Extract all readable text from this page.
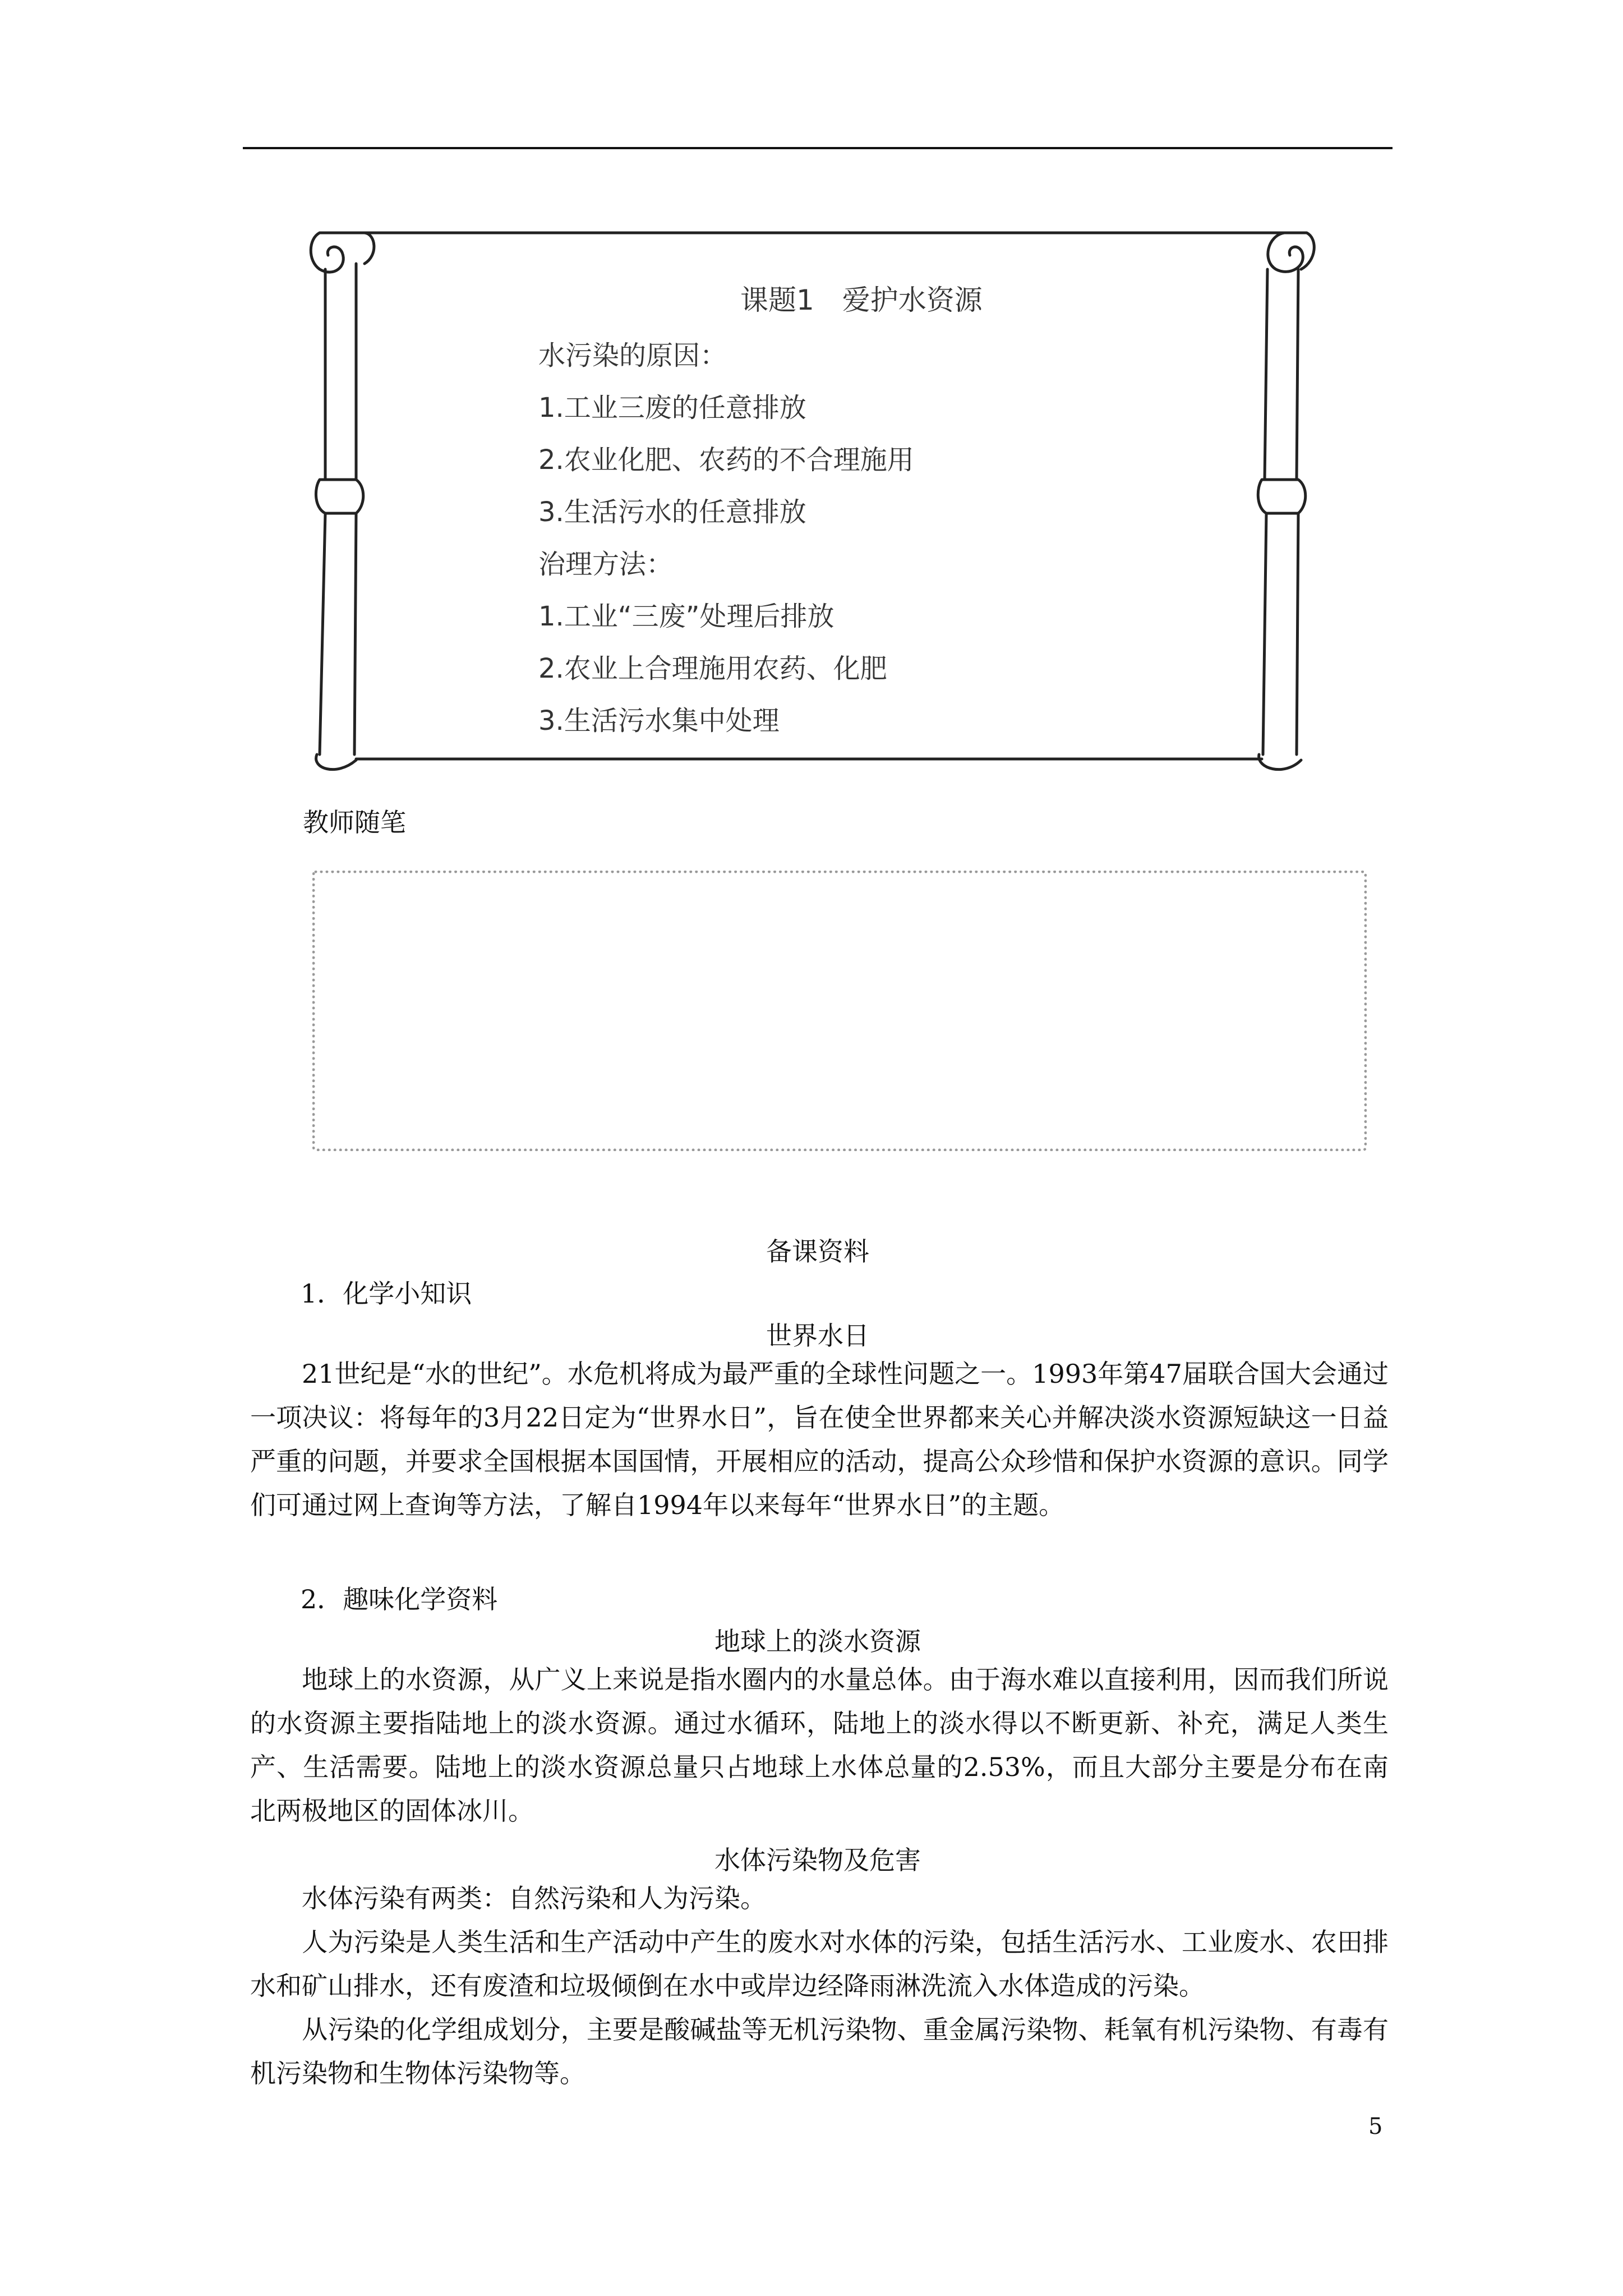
课题1　爱护水资源
水污染的原因：
1.工业三废的任意排放
2.农业化肥、农药的不合理施用
3.生活污水的任意排放
治理方法：
1.工业“三废”处理后排放
2.农业上合理施用农药、化肥
3.生活污水集中处理
教师随笔
备课资料
1．化学小知识
世界水日

　　21世纪是“水的世纪”。水危机将成为最严重的全球性问题之一。1993年第47届联合国大会通过一项决议：将每年的3月22日定为“世界水日”，旨在使全世界都来关心并解决淡水资源短缺这一日益严重的问题，并要求全国根据本国国情，开展相应的活动，提高公众珍惜和保护水资源的意识。同学们可通过网上查询等方法，了解自1994年以来每年“世界水日”的主题。

2．趣味化学资料
地球上的淡水资源

　　地球上的水资源，从广义上来说是指水圈内的水量总体。由于海水难以直接利用，因而我们所说的水资源主要指陆地上的淡水资源。通过水循环，陆地上的淡水得以不断更新、补充，满足人类生产、生活需要。陆地上的淡水资源总量只占地球上水体总量的2.53%，而且大部分主要是分布在南北两极地区的固体冰川。

水体污染物及危害

　　水体污染有两类：自然污染和人为污染。

　　人为污染是人类生活和生产活动中产生的废水对水体的污染，包括生活污水、工业废水、农田排水和矿山排水，还有废渣和垃圾倾倒在水中或岸边经降雨淋洗流入水体造成的污染。

　　从污染的化学组成划分，主要是酸碱盐等无机污染物、重金属污染物、耗氧有机污染物、有毒有机污染物和生物体污染物等。

5
